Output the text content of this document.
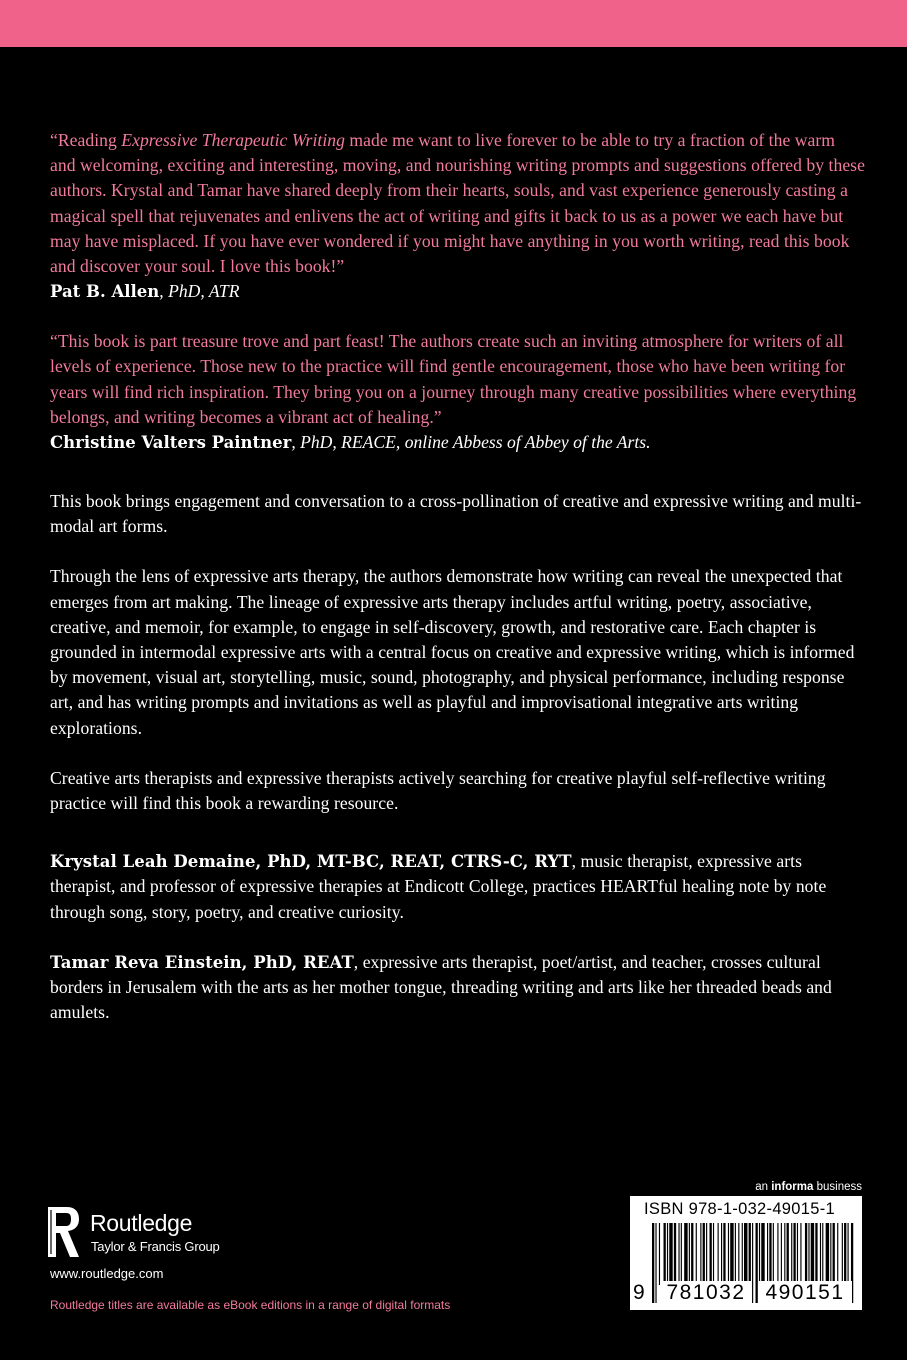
“Reading Expressive Therapeutic Writing made me want to live forever to be able to try a fraction of the warm and welcoming, exciting and interesting, moving, and nourishing writing prompts and suggestions offered by these authors. Krystal and Tamar have shared deeply from their hearts, souls, and vast experience generously casting a magical spell that rejuvenates and enlivens the act of writing and gifts it back to us as a power we each have but may have misplaced. If you have ever wondered if you might have anything in you worth writing, read this book and discover your soul. I love this book!”

Pat B. Allen, PhD, ATR

“This book is part treasure trove and part feast! The authors create such an inviting atmosphere for writers of all levels of experience. Those new to the practice will find gentle encouragement, those who have been writing for years will find rich inspiration. They bring you on a journey through many creative possibilities where everything belongs, and writing becomes a vibrant act of healing.”

Christine Valters Paintner, PhD, REACE, online Abbess of Abbey of the Arts.

This book brings engagement and conversation to a cross-pollination of creative and expressive writing and multi-modal art forms.

Through the lens of expressive arts therapy, the authors demonstrate how writing can reveal the unexpected that emerges from art making. The lineage of expressive arts therapy includes artful writing, poetry, associative, creative, and memoir, for example, to engage in self-discovery, growth, and restorative care. Each chapter is grounded in intermodal expressive arts with a central focus on creative and expressive writing, which is informed by movement, visual art, storytelling, music, sound, photography, and physical performance, including response art, and has writing prompts and invitations as well as playful and improvisational integrative arts writing explorations.

Creative arts therapists and expressive therapists actively searching for creative playful self-reflective writing practice will find this book a rewarding resource.

Krystal Leah Demaine, PhD, MT-BC, REAT, CTRS-C, RYT, music therapist, expressive arts therapist, and professor of expressive therapies at Endicott College, practices HEARTful healing note by note through song, story, poetry, and creative curiosity.

Tamar Reva Einstein, PhD, REAT, expressive arts therapist, poet/artist, and teacher, crosses cultural borders in Jerusalem with the arts as her mother tongue, threading writing and arts like her threaded beads and amulets.

Routledge
Taylor & Francis Group
www.routledge.com
Routledge titles are available as eBook editions in a range of digital formats
an informa business
ISBN 978-1-032-49015-1
9	781032 490151
